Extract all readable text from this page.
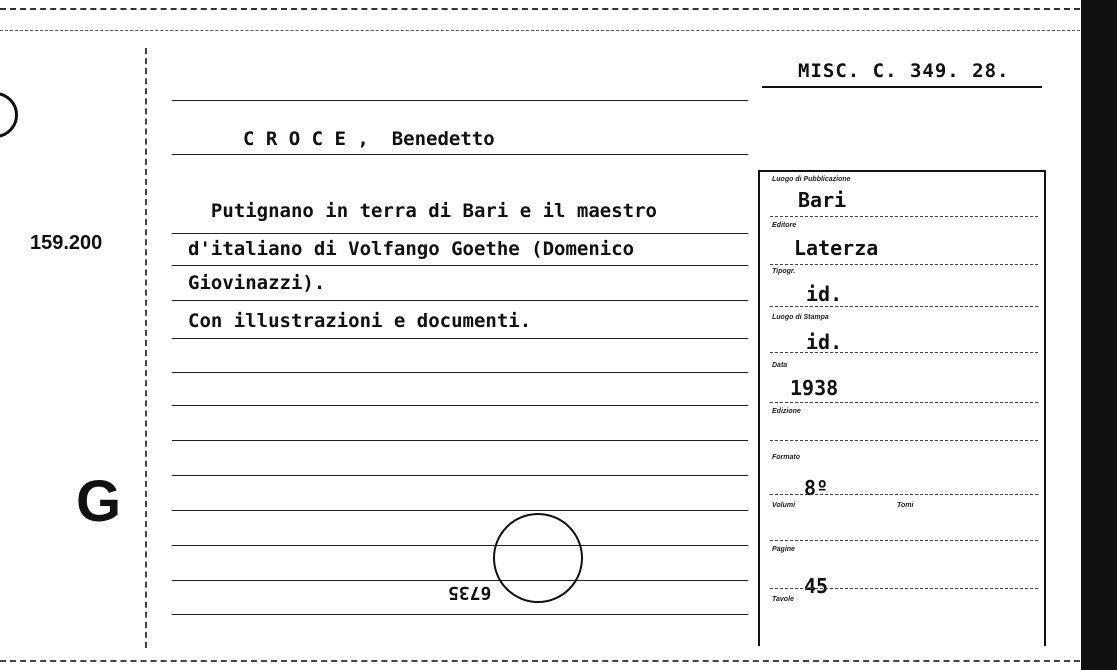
MISC. C. 349. 28.
159.200
G
C R O C E ,  Benedetto
Putignano in terra di Bari e il maestro
d'italiano di Volfango Goethe (Domenico
Giovinazzi).
Con illustrazioni e documenti.
6735
Luogo di Pubblicazione
Bari
Editore
Laterza
Tipogr.
id.
Luogo di Stampa
id.
Data
1938
Edizione
Formato
8º
Volumi	Tomi
Pagine
45
Tavole
